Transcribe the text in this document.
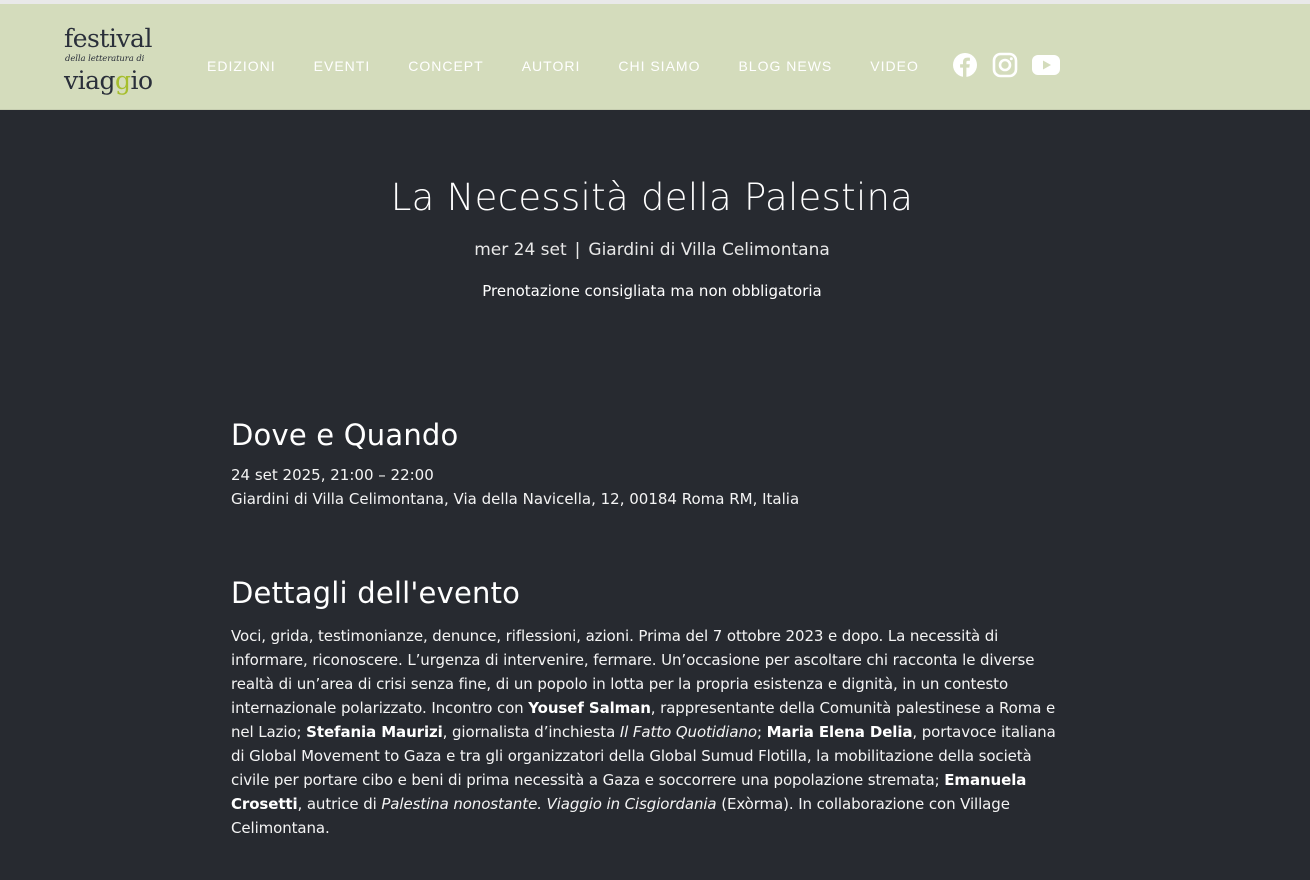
festival
della letteratura di
viaggio	EDIZIONI	EVENTI	CONCEPT	AUTORI	CHI SIAMO	BLOG NEWS	VIDEO
La Necessità della Palestina
mer 24 set | Giardini di Villa Celimontana
Prenotazione consigliata ma non obbligatoria
Dove e Quando
24 set 2025, 21:00 – 22:00
Giardini di Villa Celimontana, Via della Navicella, 12, 00184 Roma RM, Italia
Dettagli dell'evento

Voci, grida, testimonianze, denunce, riflessioni, azioni. Prima del 7 ottobre 2023 e dopo. La necessità di informare, riconoscere. L’urgenza di intervenire, fermare. Un’occasione per ascoltare chi racconta le diverse realtà di un’area di crisi senza fine, di un popolo in lotta per la propria esistenza e dignità, in un contesto internazionale polarizzato. Incontro con Yousef Salman, rappresentante della Comunità palestinese a Roma e nel Lazio; Stefania Maurizi, giornalista d’inchiesta Il Fatto Quotidiano; Maria Elena Delia, portavoce italiana di Global Movement to Gaza e tra gli organizzatori della Global Sumud Flotilla, la mobilitazione della società civile per portare cibo e beni di prima necessità a Gaza e soccorrere una popolazione stremata; Emanuela Crosetti, autrice di Palestina nonostante. Viaggio in Cisgiordania (Exòrma). In collaborazione con Village Celimontana.
